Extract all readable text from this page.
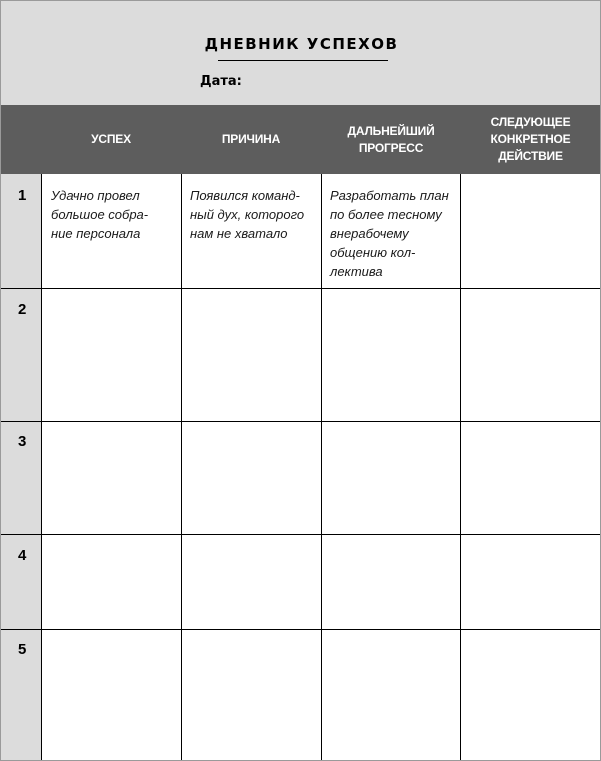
ДНЕВНИК УСПЕХОВ
Дата:
УСПЕХ	ПРИЧИНА
ДАЛЬНЕЙШИЙ
ПРОГРЕСС
СЛЕДУЮЩЕЕ
КОНКРЕТНОЕ
ДЕЙСТВИЕ
1
2
3
4
5
Удачно провел
большое собра-
ние персонала
Появился команд-
ный дух, которого
нам не хватало
Разработать план
по более тесному
внерабочему
общению кол-
лектива
